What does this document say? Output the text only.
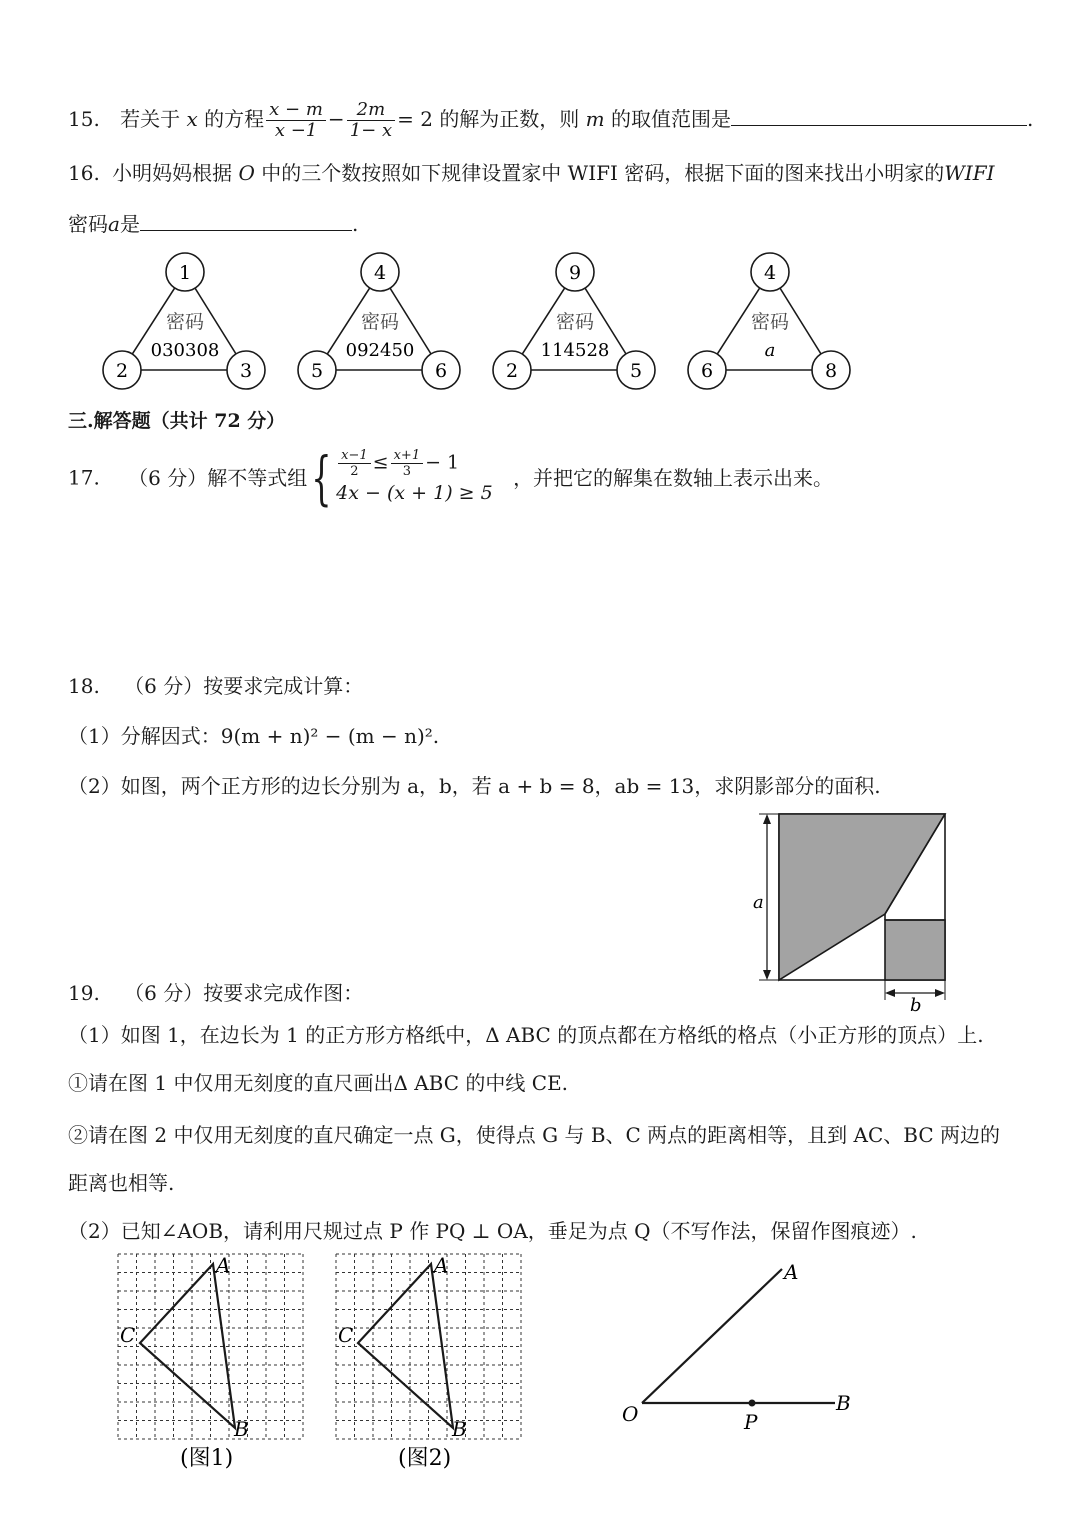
15. 若关于 x 的方程 $\frac{x - m}{x -1} - \frac{2m}{1- x} = 2$ 的解为正数，则 m 的取值范围是	.
16. 小明妈妈根据 O 中的三个数按照如下规律设置家中 WIFI 密码，根据下面的图来找出小明家的WIFI
密码a是	.
1
2	3
密码
030308
4
5	6
密码
092450
9
2	5
密码
114528
4
6	8
密码
a
三.解答题（共计 72 分）
17. （6 分）解不等式组{ $\frac{x-1}{2} \le \frac{x+1}{3} - 1$
4x − (x + 1) ≥ 5
，并把它的解集在数轴上表示出来。
18. （6 分）按要求完成计算：
（1）分解因式：9(m + n)² − (m − n)².
（2）如图，两个正方形的边长分别为 a，b，若 a + b = 8，ab = 13，求阴影部分的面积.
a
b
19. （6 分）按要求完成作图：
（1）如图 1，在边长为 1 的正方形方格纸中，Δ ABC 的顶点都在方格纸的格点（小正方形的顶点）上.
①请在图 1 中仅用无刻度的直尺画出Δ ABC 的中线 CE.
②请在图 2 中仅用无刻度的直尺确定一点 G，使得点 G 与 B、C 两点的距离相等，且到 AC、BC 两边的
距离也相等.
（2）已知∠AOB，请利用尺规过点 P 作 PQ ⊥ OA，垂足为点 Q（不写作法，保留作图痕迹）.
A
C
B
(图1)
A
C
B
(图2)
A
O	B
P
